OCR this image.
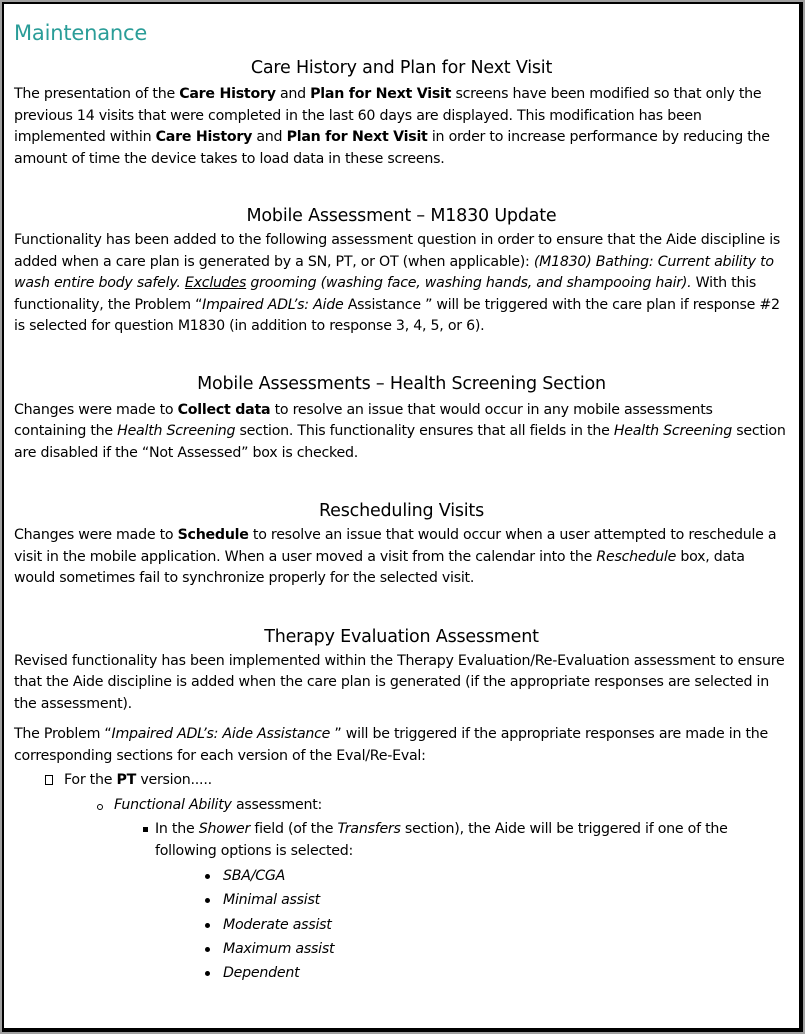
Maintenance
Care History and Plan for Next Visit

The presentation of the Care History and Plan for Next Visit screens have been modified so that only the previous 14 visits that were completed in the last 60 days are displayed. This modification has been implemented within Care History and Plan for Next Visit in order to increase performance by reducing the amount of time the device takes to load data in these screens.

Mobile Assessment – M1830 Update

Functionality has been added to the following assessment question in order to ensure that the Aide discipline is added when a care plan is generated by a SN, PT, or OT (when applicable): (M1830) Bathing: Current ability to wash entire body safely. Excludes grooming (washing face, washing hands, and shampooing hair). With this functionality, the Problem “Impaired ADL’s: Aide Assistance ” will be triggered with the care plan if response #2 is selected for question M1830 (in addition to response 3, 4, 5, or 6).

Mobile Assessments – Health Screening Section

Changes were made to Collect data to resolve an issue that would occur in any mobile assessments containing the Health Screening section. This functionality ensures that all fields in the Health Screening section are disabled if the “Not Assessed” box is checked.

Rescheduling Visits

Changes were made to Schedule to resolve an issue that would occur when a user attempted to reschedule a visit in the mobile application. When a user moved a visit from the calendar into the Reschedule box, data would sometimes fail to synchronize properly for the selected visit.

Therapy Evaluation Assessment

Revised functionality has been implemented within the Therapy Evaluation/Re-Evaluation assessment to ensure that the Aide discipline is added when the care plan is generated (if the appropriate responses are selected in the assessment).

The Problem “Impaired ADL’s: Aide Assistance ” will be triggered if the appropriate responses are made in the corresponding sections for each version of the Eval/Re-Eval:

For the PT version.....
Functional Ability assessment:
In the Shower field (of the Transfers section), the Aide will be triggered if one of the following options is selected:
SBA/CGA
Minimal assist
Moderate assist
Maximum assist
Dependent
